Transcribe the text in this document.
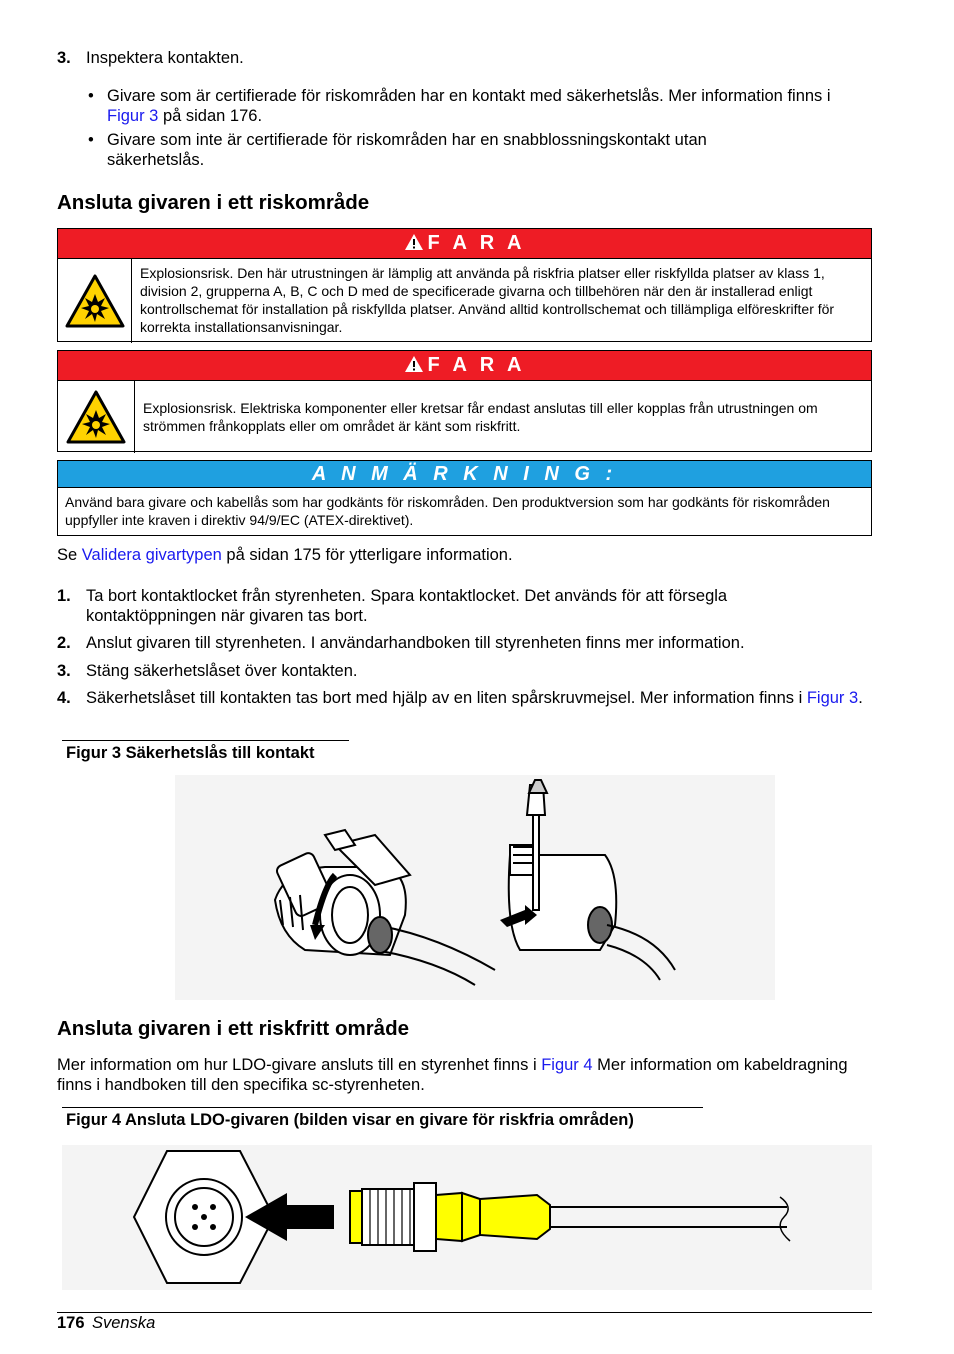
3. Inspektera kontakten.
• Givare som är certifierade för riskområden har en kontakt med säkerhetslås. Mer information finns i Figur 3 på sidan 176.
• Givare som inte är certifierade för riskområden har en snabblossningskontakt utan säkerhetslås.
Ansluta givaren i ett riskområde
F A R A
Explosionsrisk. Den här utrustningen är lämplig att använda på riskfria platser eller riskfyllda platser av klass 1, division 2, grupperna A, B, C och D med de specificerade givarna och tillbehören när den är installerad enligt kontrollschemat för installation på riskfyllda platser. Använd alltid kontrollschemat och tillämpliga elföreskrifter för korrekta installationsanvisningar.
F A R A
Explosionsrisk. Elektriska komponenter eller kretsar får endast anslutas till eller kopplas från utrustningen om strömmen frånkopplats eller om området är känt som riskfritt.
A N M Ä R K N I N G :
Använd bara givare och kabellås som har godkänts för riskområden. Den produktversion som har godkänts för riskområden uppfyller inte kraven i direktiv 94/9/EC (ATEX-direktivet).
Se Validera givartypen på sidan 175 för ytterligare information.
1. Ta bort kontaktlocket från styrenheten. Spara kontaktlocket. Det används för att försegla kontaktöppningen när givaren tas bort.
2. Anslut givaren till styrenheten. I användarhandboken till styrenheten finns mer information.
3. Stäng säkerhetslåset över kontakten.
4. Säkerhetslåset till kontakten tas bort med hjälp av en liten spårskruvmejsel. Mer information finns i Figur 3.
Figur 3 Säkerhetslås till kontakt
Ansluta givaren i ett riskfritt område
Mer information om hur LDO-givare ansluts till en styrenhet finns i Figur 4 Mer information om kabeldragning finns i handboken till den specifika sc-styrenheten.
Figur 4 Ansluta LDO-givaren (bilden visar en givare för riskfria områden)
176 Svenska
